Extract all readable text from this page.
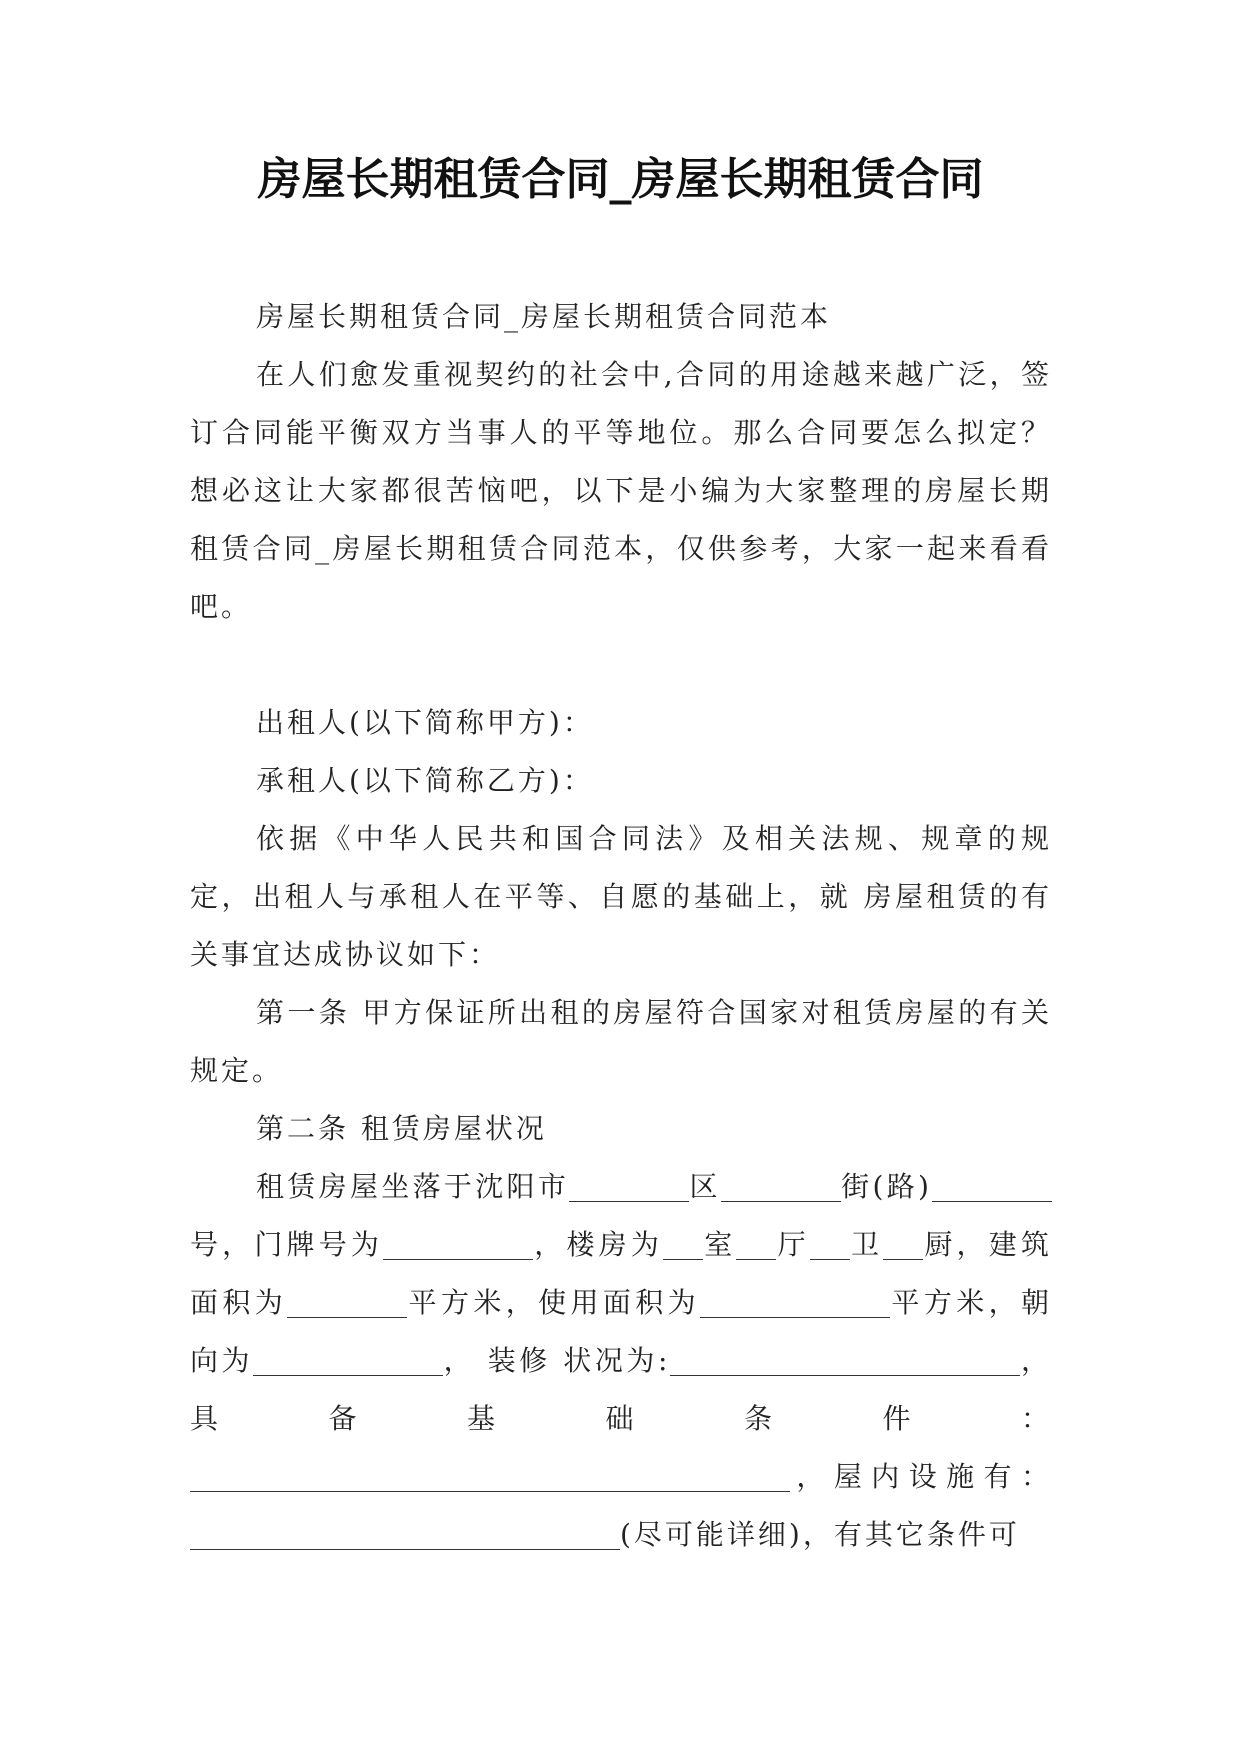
房屋长期租赁合同_房屋长期租赁合同

房屋长期租赁合同_房屋长期租赁合同范本

在人们愈发重视契约的社会中,合同的用途越来越广泛，签订合同能平衡双方当事人的平等地位。那么合同要怎么拟定？想必这让大家都很苦恼吧，以下是小编为大家整理的房屋长期租赁合同_房屋长期租赁合同范本，仅供参考，大家一起来看看吧。

出租人(以下简称甲方)：

承租人(以下简称乙方)：

依据《中华人民共和国合同法》及相关法规、规章的规定，出租人与承租人在平等、自愿的基础上，就 房屋租赁的有关事宜达成协议如下：

第一条 甲方保证所出租的房屋符合国家对租赁房屋的有关规定。

第二条 租赁房屋状况

租赁房屋坐落于沈阳市	区	街(路)号，门牌号为	，楼房为 室 厅 卫 厨，建筑面积为	平方米，使用面积为	平方米，朝向为	， 装修 状况为:	， 具 备 基 础 条 件 ：，屋内设施有：(尽可能详细)，有其它条件可
